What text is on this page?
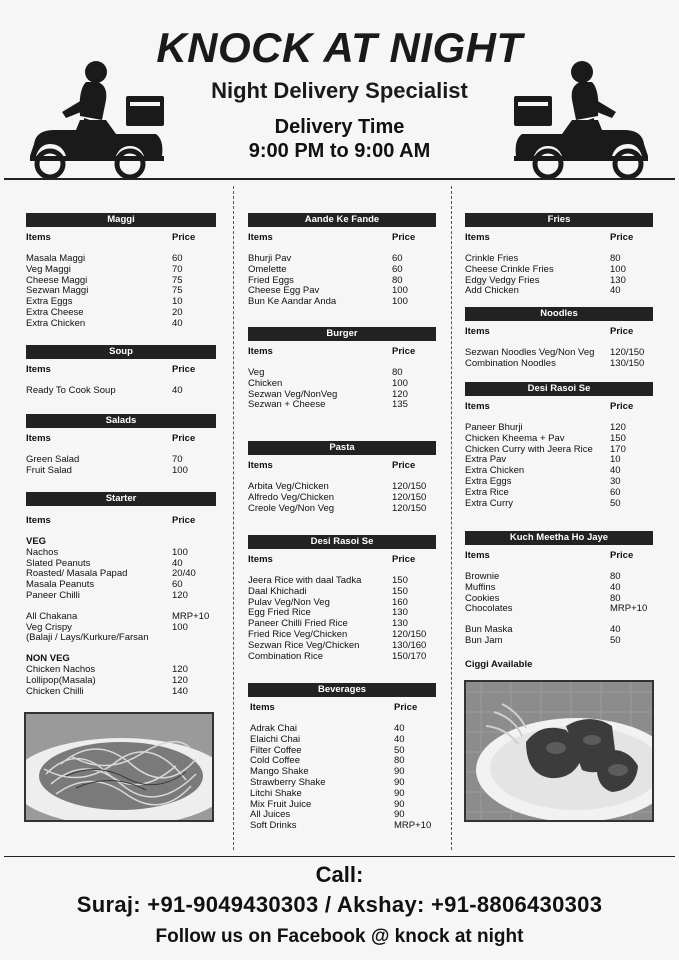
KNOCK AT NIGHT
Night Delivery Specialist
Delivery Time
9:00 PM to 9:00 AM
Maggi
Items	Price
Masala Maggi	60
Veg Maggi	70
Cheese Maggi	75
Sezwan Maggi	75
Extra Eggs	10
Extra Cheese	20
Extra Chicken	40
Soup
Items	Price
Ready To Cook Soup	40
Salads
Items	Price
Green Salad	70
Fruit Salad	100
Starter
Items	Price
VEG
Nachos	100
Slated Peanuts	40
Roasted/ Masala Papad	20/40
Masala Peanuts	60
Paneer Chilli	120
All Chakana	MRP+10
Veg Crispy	100
(Balaji / Lays/Kurkure/Farsan
NON VEG
Chicken Nachos	120
Lollipop(Masala)	120
Chicken Chilli	140
Aande Ke Fande
Items	Price
Bhurji Pav	60
Omelette	60
Fried Eggs	80
Cheese Egg Pav	100
Bun Ke Aandar Anda	100
Burger
Items	Price
Veg	80
Chicken	100
Sezwan Veg/NonVeg	120
Sezwan + Cheese	135
Pasta
Items	Price
Arbita Veg/Chicken	120/150
Alfredo Veg/Chicken	120/150
Creole Veg/Non Veg	120/150
Desi Rasoi Se
Items	Price
Jeera Rice with daal Tadka	150
Daal Khichadi	150
Pulav Veg/Non Veg	160
Egg Fried Rice	130
Paneer Chilli Fried Rice	130
Fried Rice Veg/Chicken	120/150
Sezwan Rice Veg/Chicken	130/160
Combination Rice	150/170
Beverages
Items	Price
Adrak Chai	40
Elaichi Chai	40
Filter Coffee	50
Cold Coffee	80
Mango Shake	90
Strawberry Shake	90
Litchi Shake	90
Mix Fruit Juice	90
All Juices	90
Soft Drinks	MRP+10
Fries
Items	Price
Crinkle Fries	80
Cheese Crinkle Fries	100
Edgy Vedgy Fries	130
Add Chicken	40
Noodles
Items	Price
Sezwan Noodles Veg/Non Veg 120/150
Combination Noodles	130/150
Desi Rasoi Se
Items	Price
Paneer Bhurji	120
Chicken Kheema + Pav	150
Chicken Curry with Jeera Rice 170
Extra Pav	10
Extra Chicken	40
Extra Eggs	30
Extra Rice	60
Extra Curry	50
Kuch Meetha Ho Jaye
Items	Price
Brownie	80
Muffins	40
Cookies	80
Chocolates	MRP+10
Bun Maska	40
Bun Jam	50
Ciggi Available
Call:
Suraj: +91-9049430303 / Akshay: +91-8806430303
Follow us on Facebook @ knock at night
